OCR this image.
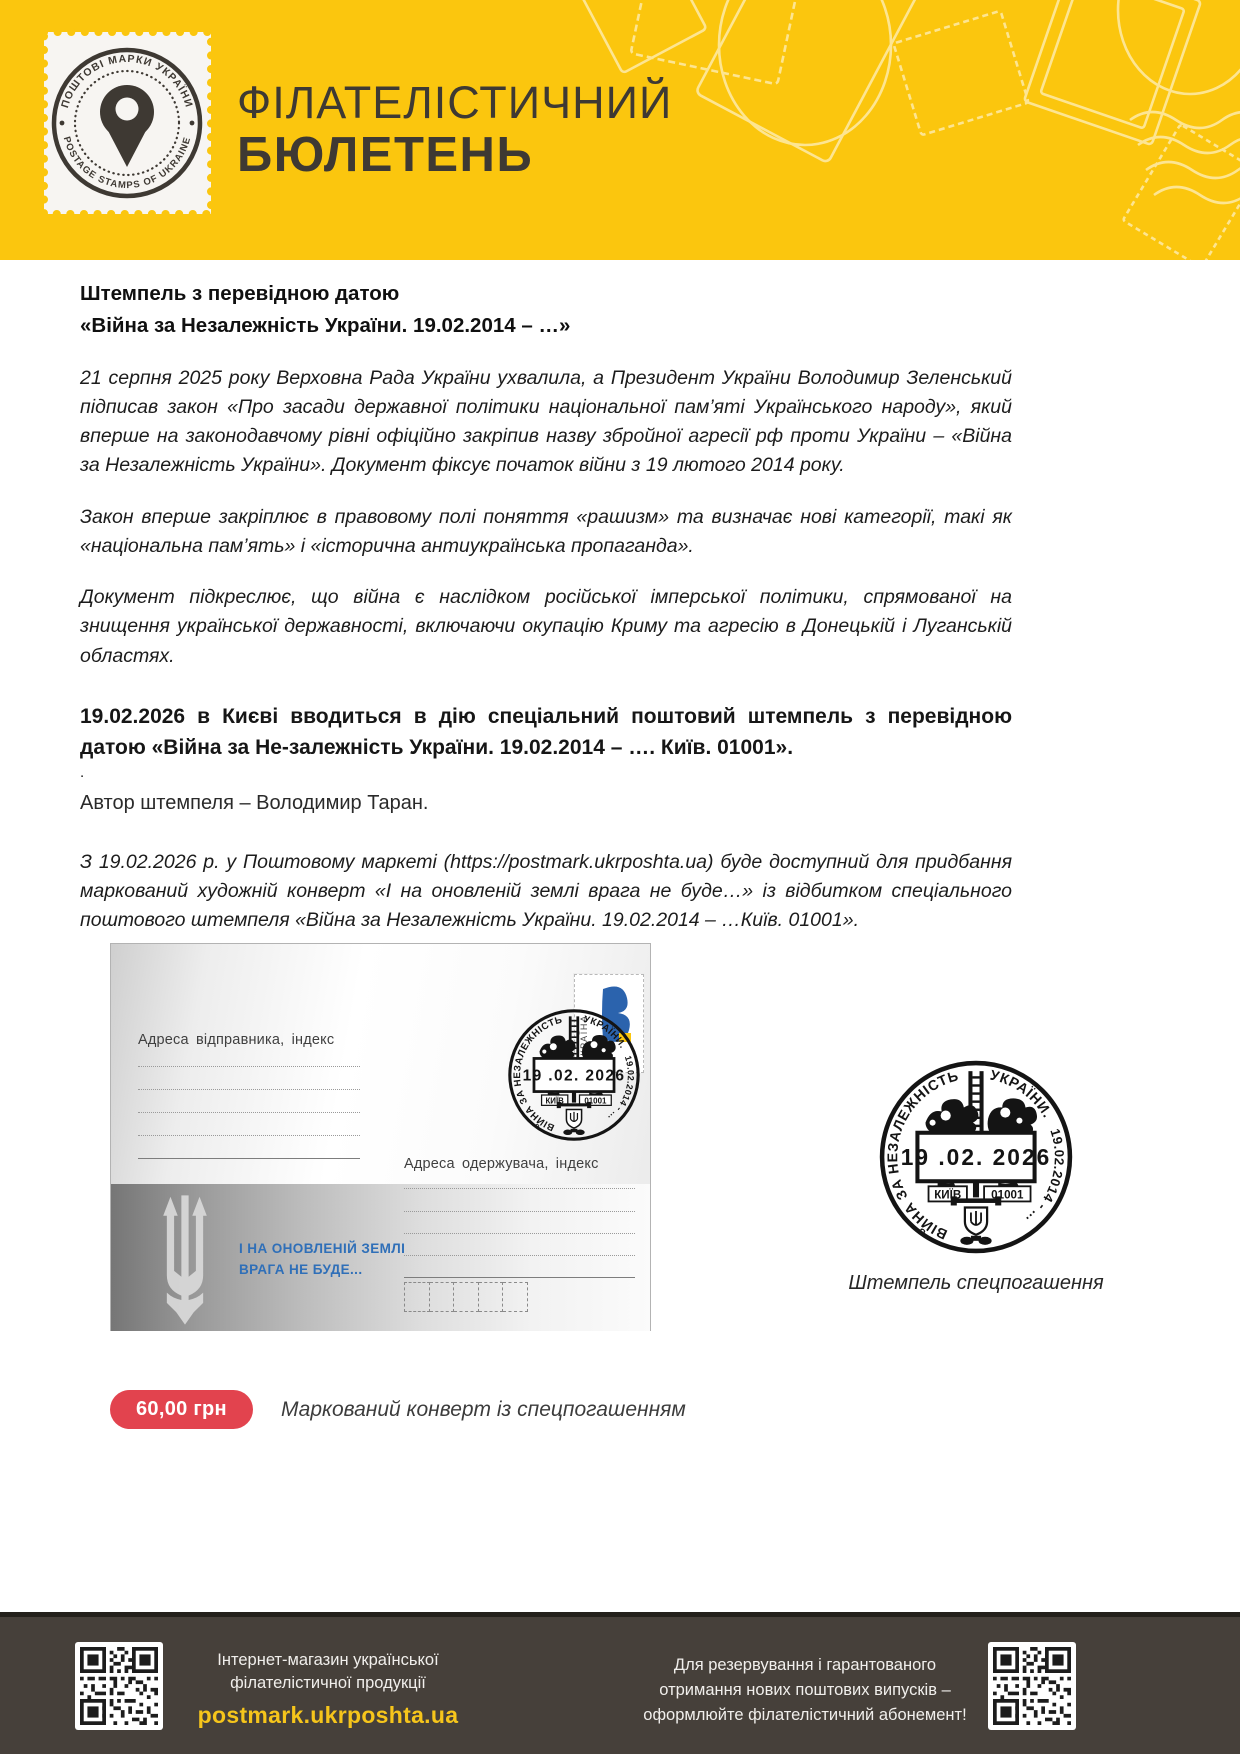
ПОШТОВІ МАРКИ УКРАЇНИ
POSTAGE STAMPS OF UKRAINE
ФІЛАТЕЛІСТИЧНИЙ
БЮЛЕТЕНЬ
Штемпель з перевідною датою
«Війна за Незалежність України. 19.02.2014 – …»

21 серпня 2025 року Верховна Рада України ухвалила, а Президент України Володимир Зеленський підписав закон «Про засади державної політики національної пам’яті Українського народу», який вперше на законодавчому рівні офіційно закріпив назву збройної агресії рф проти України – «Війна за Незалежність України». Документ фіксує початок війни з 19 лютого 2014 року.

Закон вперше закріплює в правовому полі поняття «рашизм» та визначає нові категорії, такі як «національна пам’ять» і «історична антиукраїнська пропаганда».

Документ підкреслює, що війна є наслідком російської імперської політики, спрямованої на знищення української державності, включаючи окупацію Криму та агресію в Донецькій і Луганській областях.

19.02.2026 в Києві вводиться в дію спеціальний поштовий штемпель з перевідною датою «Війна за Не-залежність України. 19.02.2014 – …. Київ. 01001».

.

Автор штемпеля – Володимир Таран.

З 19.02.2026 р. у Поштовому маркеті (https://postmark.ukrposhta.ua) буде доступний для придбання маркований художній конверт «І на оновленій землі врага не буде…» із відбитком спеціального поштового штемпеля «Війна за Незалежність України. 19.02.2014 – …Київ. 01001».

Адреса відправника, індекс
Адреса одержувача, індекс
І НА ОНОВЛЕНІЙ ЗЕМЛІ
ВРАГА НЕ БУДЕ...
УКРАЇНА
Штемпель спецпогашення
60,00 грн	Маркований конверт із спецпогашенням
Інтернет-магазин української
філателістичної продукції
postmark.ukrposhta.ua
Для резервування і гарантованого
отримання нових поштових випусків –
оформлюйте філателістичний абонемент!
